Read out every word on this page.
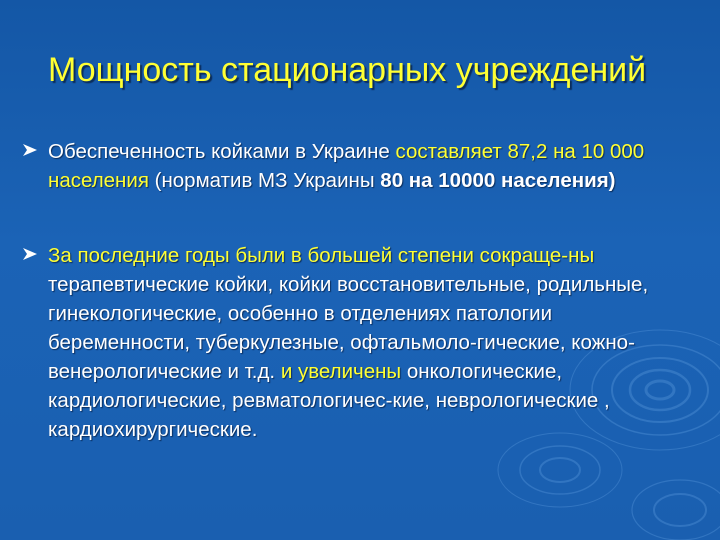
Мощность стационарных учреждений
Обеспеченность койками в Украине составляет 87,2 на 10 000 населения (норматив МЗ Украины 80 на 10000 населения)
За последние годы были в большей степени сокраще-ны терапевтические койки, койки восстановительные, родильные, гинекологические, особенно в отделениях патологии беременности, туберкулезные, офтальмоло-гические, кожно-венерологические и т.д. и увеличены онкологические, кардиологические, ревматологичес-кие, неврологические , кардиохирургические.
